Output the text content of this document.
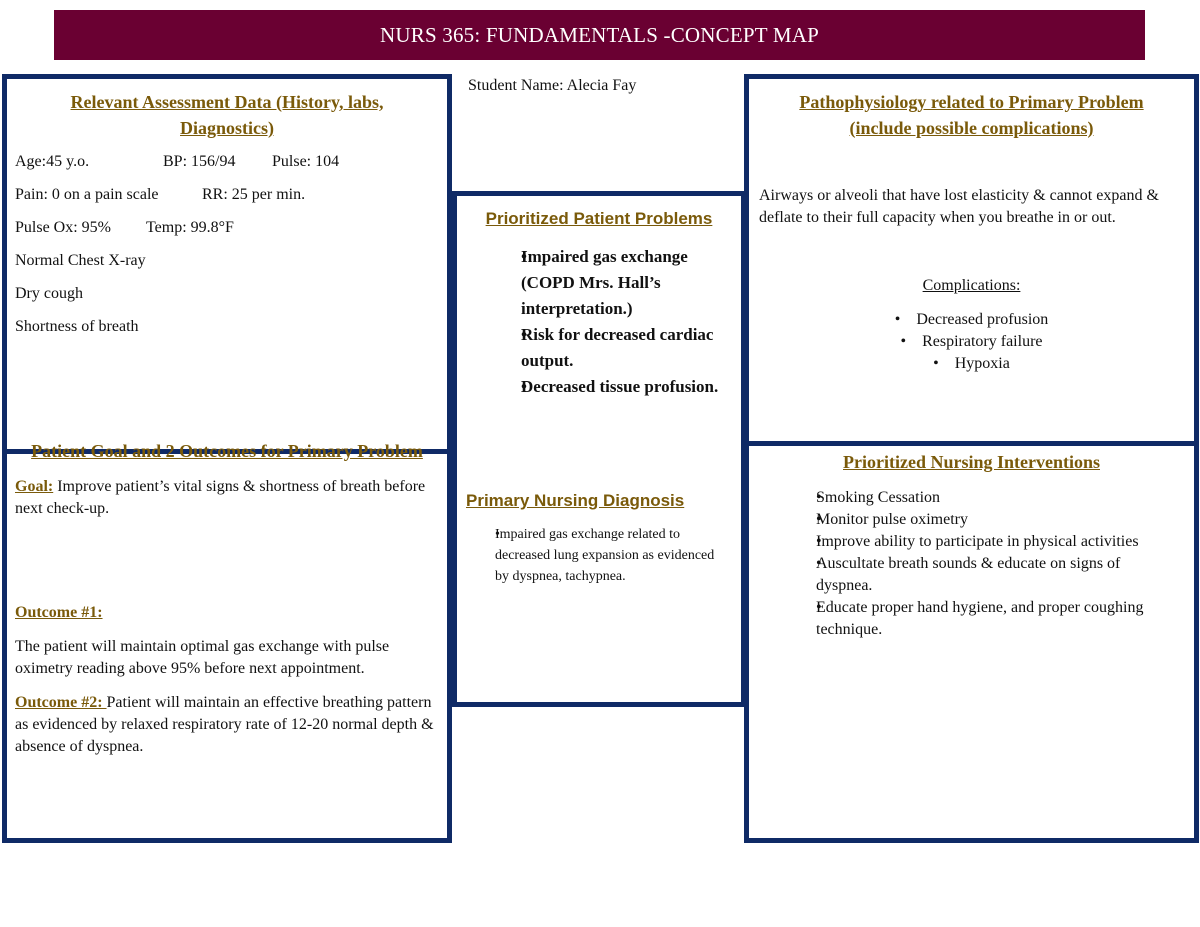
NURS 365: FUNDAMENTALS -CONCEPT MAP
Relevant Assessment Data (History, labs, Diagnostics)

Age:45 y.o.	BP: 156/94 Pulse: 104

Pain: 0 on a pain scale	RR: 25 per min.

Pulse Ox: 95% Temp: 99.8°F

Normal Chest X-ray

Dry cough

Shortness of breath

Patient Goal and 2 Outcomes for Primary Problem

Goal: Improve patient’s vital signs & shortness of breath before next check-up.

Outcome #1:

The patient will maintain optimal gas exchange with pulse oximetry reading above 95% before next appointment.

Outcome #2: Patient will maintain an effective breathing pattern as evidenced by relaxed respiratory rate of 12-20 normal depth & absence of dyspnea.

Student Name: Alecia Fay
Prioritized Patient Problems
• Impaired gas exchange (COPD Mrs. Hall’s interpretation.)
• Risk for decreased cardiac output.
• Decreased tissue profusion.
Primary Nursing Diagnosis
• Impaired gas exchange related to decreased lung expansion as evidenced by dyspnea, tachypnea.
Pathophysiology related to Primary Problem (include possible complications)

Airways or alveoli that have lost elasticity & cannot expand & deflate to their full capacity when you breathe in or out.

Complications:

• Decreased profusion
• Respiratory failure
• Hypoxia
Prioritized Nursing Interventions
• Smoking Cessation
• Monitor pulse oximetry
• Improve ability to participate in physical activities
• Auscultate breath sounds & educate on signs of dyspnea.
• Educate proper hand hygiene, and proper coughing technique.
